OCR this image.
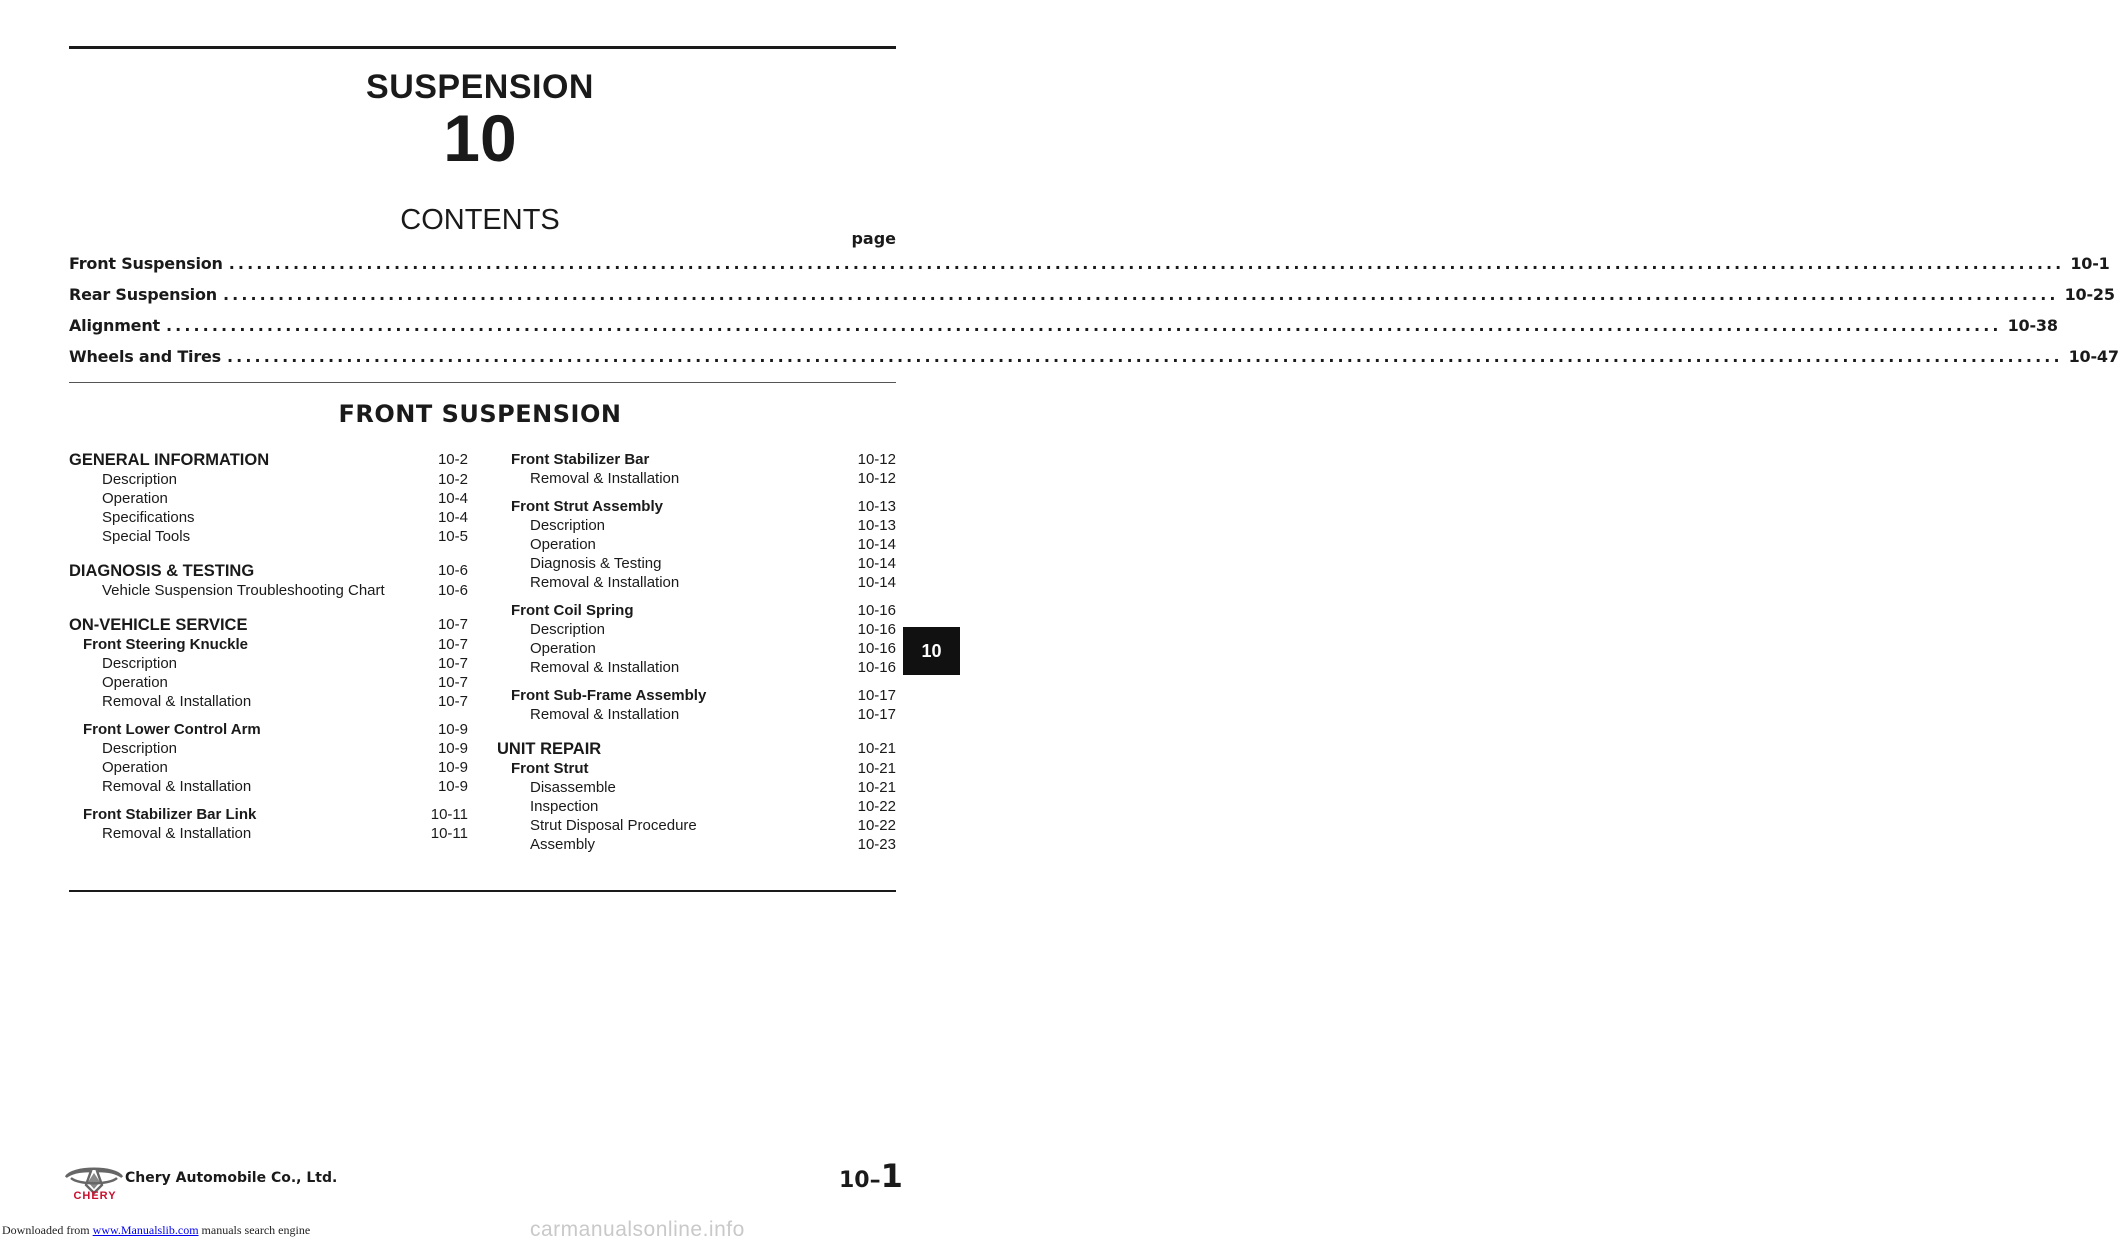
SUSPENSION
10
CONTENTS
page
Front Suspension ........................................................................................................................................................................................................ 10-1
Rear Suspension ........................................................................................................................................................................................................ 10-25
Alignment ........................................................................................................................................................................................................ 10-38
Wheels and Tires ........................................................................................................................................................................................................ 10-47
FRONT SUSPENSION
GENERAL INFORMATION	10-2
Description	10-2
Operation	10-4
Specifications	10-4
Special Tools	10-5
DIAGNOSIS & TESTING	10-6
Vehicle Suspension Troubleshooting Chart	10-6
ON-VEHICLE SERVICE	10-7
Front Steering Knuckle	10-7
Description	10-7
Operation	10-7
Removal & Installation	10-7
Front Lower Control Arm	10-9
Description	10-9
Operation	10-9
Removal & Installation	10-9
Front Stabilizer Bar Link	10-11
Removal & Installation	10-11
Front Stabilizer Bar	10-12
Removal & Installation	10-12
Front Strut Assembly	10-13
Description	10-13
Operation	10-14
Diagnosis & Testing	10-14
Removal & Installation	10-14
Front Coil Spring	10-16
Description	10-16
Operation	10-16
Removal & Installation	10-16
Front Sub-Frame Assembly	10-17
Removal & Installation	10-17
UNIT REPAIR	10-21
Front Strut	10-21
Disassemble	10-21
Inspection	10-22
Strut Disposal Procedure	10-22
Assembly	10-23
10
CHERY
Chery Automobile Co., Ltd.	10–1
Downloaded from www.Manualslib.com manuals search engine	carmanualsonline.info
